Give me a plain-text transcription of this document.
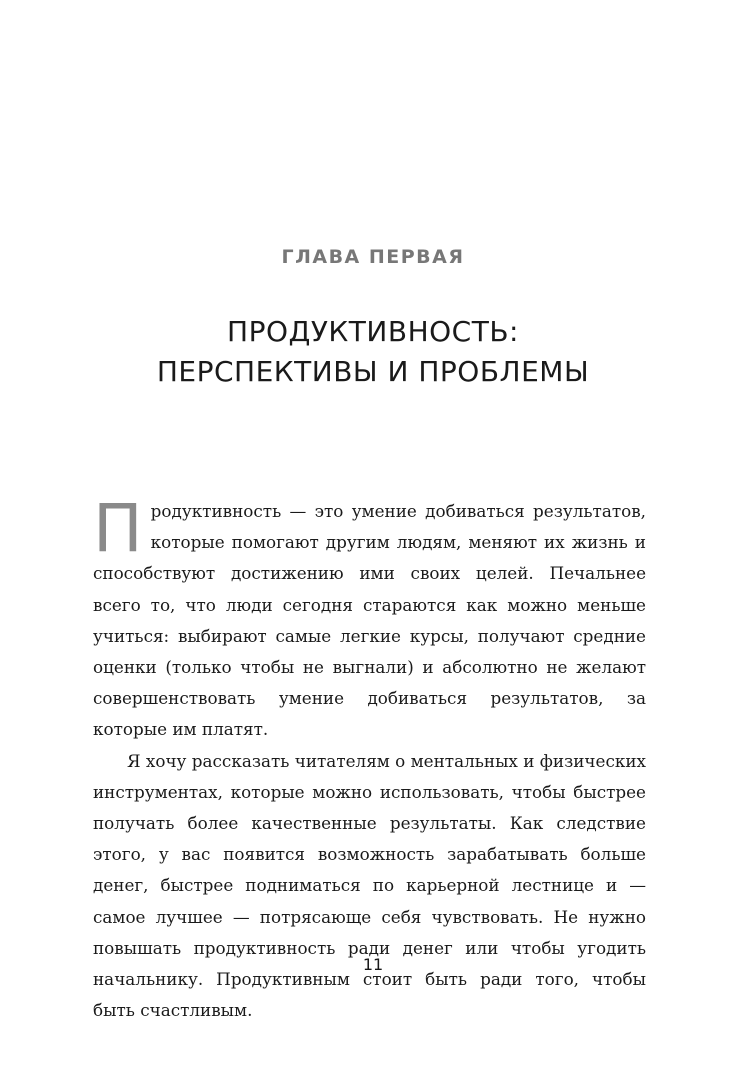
ГЛАВА ПЕРВАЯ
ПРОДУКТИВНОСТЬ:
ПЕРСПЕКТИВЫ И ПРОБЛЕМЫ

Продуктивность — это умение добиваться результатов, которые помогают другим людям, меняют их жизнь и способствуют достижению ими своих целей. Печальнее всего то, что люди сегодня стараются как можно меньше учиться: выбирают самые легкие курсы, получают средние оценки (только чтобы не выгнали) и абсолютно не желают совершенствовать умение добиваться результатов, за которые им платят.

Я хочу рассказать читателям о ментальных и физических инструментах, которые можно использовать, чтобы быстрее получать более качественные результаты. Как следствие этого, у вас появится возможность зарабатывать больше денег, быстрее подниматься по карьерной лестнице и — самое лучшее — потрясающе себя чувствовать. Не нужно повышать продуктивность ради денег или чтобы угодить начальнику. Продуктивным стоит быть ради того, чтобы быть счастливым.

11
